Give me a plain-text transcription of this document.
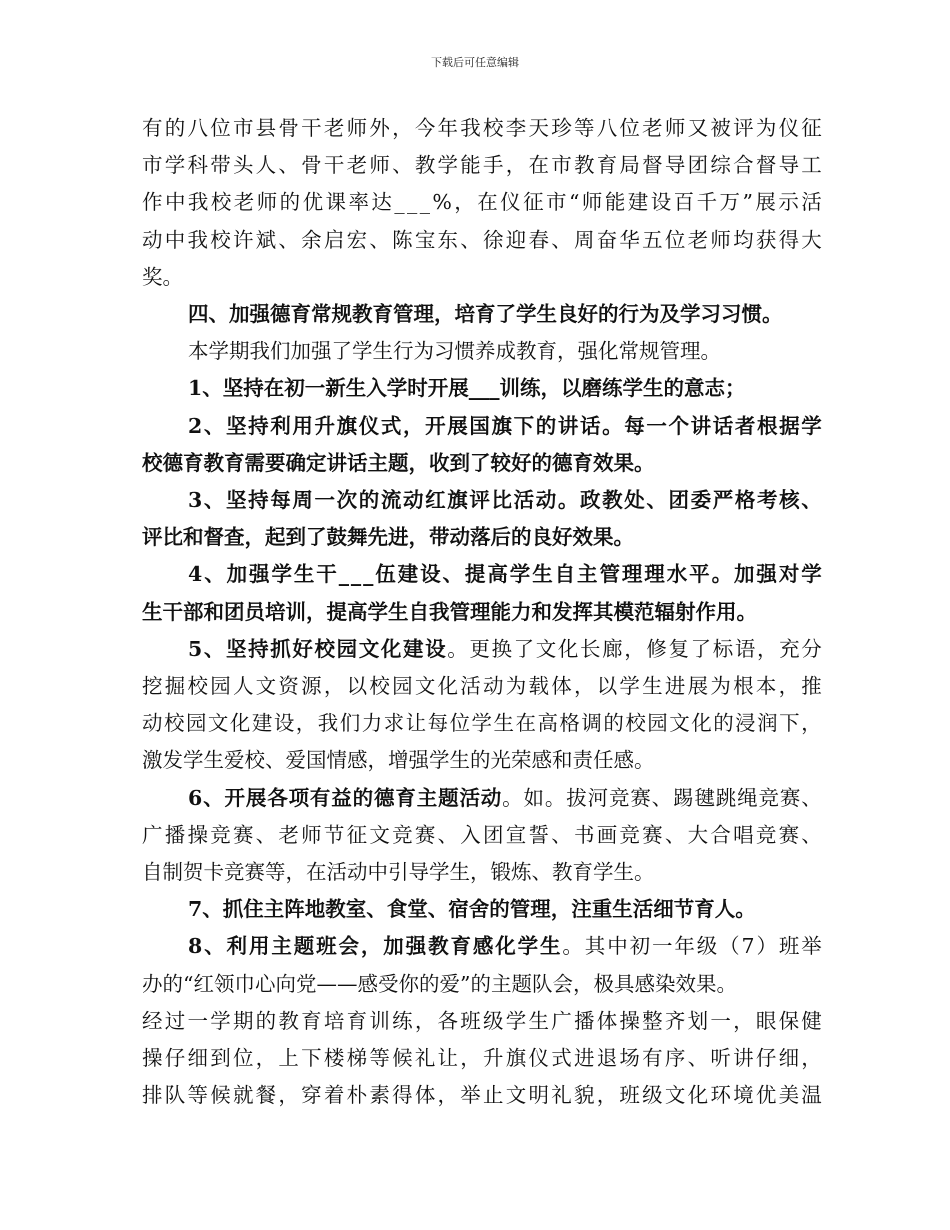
下载后可任意编辑
有 的 八 位 市 县 骨 干 老 师 外 ， 今 年 我 校 李 天 珍 等 八 位 老 师 又 被 评 为 仪 征
市 学 科 带 头 人 、 骨 干 老 师 、 教 学 能 手 ， 在 市 教 育 局 督 导 团 综 合 督 导 工
作 中 我 校 老 师 的 优 课 率 达 _ _ _ % ， 在 仪 征 市 “ 师 能 建 设 百 千 万 ” 展 示 活
动 中 我 校 许 斌 、 余 启 宏 、 陈 宝 东 、 徐 迎 春 、 周 奋 华 五 位 老 师 均 获 得 大
奖。
四、加强德育常规教育管理，培育了学生良好的行为及学习习惯。
本学期我们加强了学生行为习惯养成教育，强化常规管理。
1、坚持在初一新生入学时开展___训练，以磨练学生的意志；
2 、 坚 持 利 用 升 旗 仪 式 ， 开 展 国 旗 下 的 讲 话 。 每 一 个 讲 话 者 根 据 学
校德育教育需要确定讲话主题，收到了较好的德育效果。
3 、 坚 持 每 周 一 次 的 流 动 红 旗 评 比 活 动 。 政 教 处 、 团 委 严 格 考 核 、
评比和督查，起到了鼓舞先进，带动落后的良好效果。
4 、 加 强 学 生 干 _ _ _ 伍 建 设 、 提 高 学 生 自 主 管 理 理 水 平 。 加 强 对 学
生干部和团员培训，提高学生自我管理能力和发挥其模范辐射作用。
5 、 坚 持 抓 好 校 园 文 化 建 设 。 更 换 了 文 化 长 廊 ， 修 复 了 标 语 ， 充 分
挖 掘 校 园 人 文 资 源 ， 以 校 园 文 化 活 动 为 载 体 ， 以 学 生 进 展 为 根 本 ， 推
动 校 园 文 化 建 设 ， 我 们 力 求 让 每 位 学 生 在 高 格 调 的 校 园 文 化 的 浸 润 下 ，
激发学生爱校、爱国情感，增强学生的光荣感和责任感。
6 、 开 展 各 项 有 益 的 德 育 主 题 活 动 。 如 。 拔 河 竞 赛 、 踢 毽 跳 绳 竞 赛 、
广 播 操 竞 赛 、 老 师 节 征 文 竞 赛 、 入 团 宣 誓 、 书 画 竞 赛 、 大 合 唱 竞 赛 、
自制贺卡竞赛等，在活动中引导学生，锻炼、教育学生。
7、抓住主阵地教室、食堂、宿舍的管理，注重生活细节育人。
8 、 利 用 主 题 班 会 ， 加 强 教 育 感 化 学 生 。 其 中 初 一 年 级 （ 7 ） 班 举
办的“红领巾心向党——感受你的爱”的主题队会，极具感染效果。
经 过 一 学 期 的 教 育 培 育 训 练 ， 各 班 级 学 生 广 播 体 操 整 齐 划 一 ， 眼 保 健
操 仔 细 到 位 ， 上 下 楼 梯 等 候 礼 让 ， 升 旗 仪 式 进 退 场 有 序 、 听 讲 仔 细 ，
排 队 等 候 就 餐 ， 穿 着 朴 素 得 体 ， 举 止 文 明 礼 貌 ， 班 级 文 化 环 境 优 美 温
